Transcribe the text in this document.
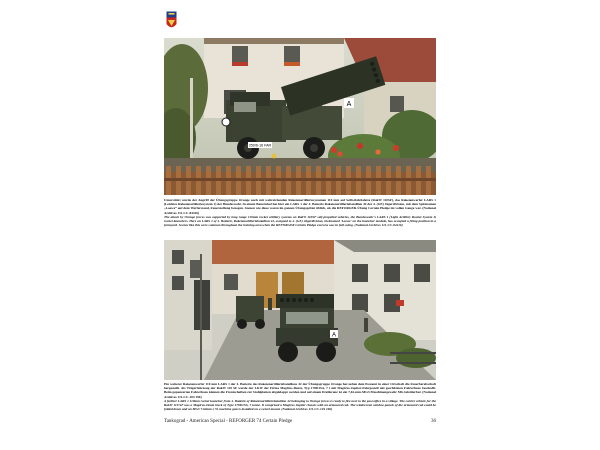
A
250/6-16 FAR

Unterstützt wurde der Angriff der Übungsgruppe Orange auch mit weitreichenden Raketenartilleriesystemen 110 mm auf Selbstfahrlafette (RakW 110SF), das Raketenwerfer LARS 1 (Leichtes Raketenartilleriesystem 1) der Bundeswehr. In einem Bauernhof hat hier ein LARS 1 der 4. Batterie Raketenartilleriebataillon 42 der 4. (GE) Jägerdivision, mit dem Spitznamen „Loewe“ auf dem Werferstand, Feuerstellung bezogen. Szenen wie diese waren im ganzen Übungsgebiet üblich, als die REFORGER-Übung Certain Pledge im vollen Gange war. (National Archives 111-CC-84416)

The attack by Orange forces was supported by long range 110mm rocket artillery systems on RakW 110SF self-propelled vehicles, the Bundeswehr's LARS 1 (Light Artillery Rocket System I) rocket launchers. Here an LARS 1 of 4. Batterie, Raketenartilleriebataillon 42, assigned to 4. (GE) Jägerdivision, nicknamed 'Loewe' on the launcher module, has occupied a firing position in a farmyard. Scenes like this were common throughout the training area when the REFORGER Certain Pledge exercise was in full swing. (National Archives 111-CC-84416)

A

Ein weiterer Raketenwerfer 110 mm LARS 1 der 4. Batterie des Raketenartilleriebataillons 42 der Übungsgruppe Orange hat neben dem Postamt in einer Ortschaft die Feuerbereitschaft hergestellt. Als Trägerfahrzeug der RakW 110 SF wurde der LKW der Firma Magirus-Deutz, Typ 178D15A, 7 t mit Magirus-Jupiter-Fahrgestell mit geschützten Fahrerhaus beschafft. Beim gepanzerten Fahrerhaus können die Frontscheiben zur Stahlplatten abgeklappt werden und auf einem Drehkranz ist ein 7,62-mm-MG3 Maschinengewehr MG lafettierbar. (National Archives 111-CC-104 196)

A further LARS 1 110mm rocket launcher from 4. Batterie of Raketenartilleriebataillon 42 belonging to Orange forces is ready to fire next to the post office in a village. The carrier vehicle for the RakW 110 SF was a Magirus-Deutz truck of Type 178D15A, 7 tonne. It comprised a Magirus Jupiter chassis with an armoured cab. The windscreen window panels of the armoured cab could be folded down and an MG3 7.62mm x 51 machine gun is installed on a swivel mount. (National Archives 111-CC-104 196)

Tankograd - American Special - REFORGER 74 Certain Pledge	36
